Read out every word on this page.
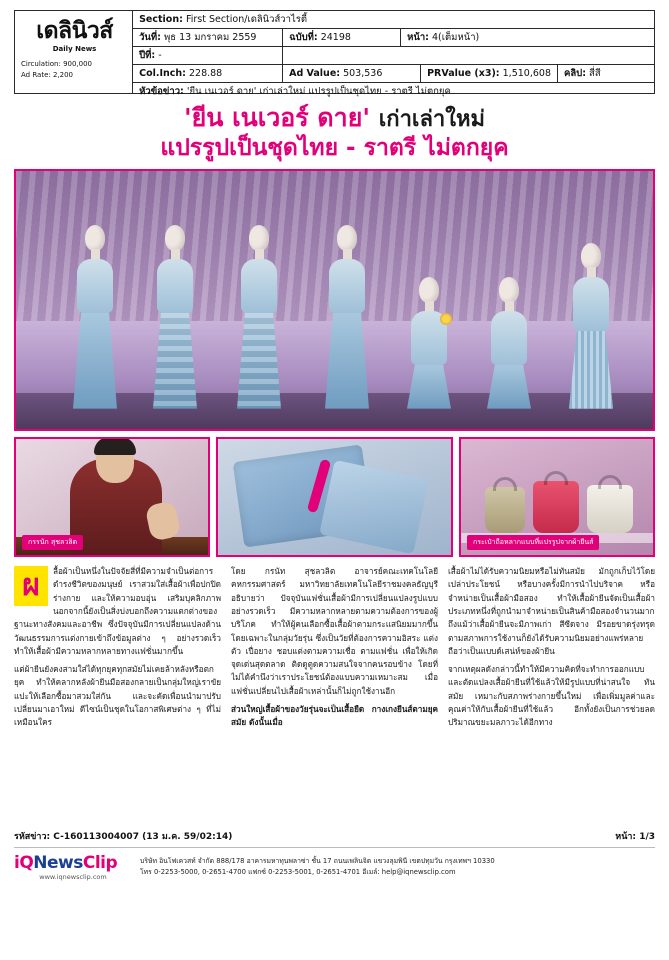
เดลินิวส์
Daily News
Circulation: 900,000
Ad Rate: 2,200
Section: First Section/เดลินิวส์วาไรตี้
วันที่:
พุธ 13 มกราคม 2559	ฉบับที่:
24198	หน้า: 4(เต็มหน้า)
ปีที่:
-
Col.Inch:
228.88	Ad Value:
503,536	PRValue (x3):
1,510,608	คลิป: สี่สี
หัวข้อข่าว: 'ยีน เนเวอร์ ดาย' เก่าเล่าใหม่ แปรรูปเป็นชุดไทย - ราตรี ไม่ตกยุค
'ยีน เนเวอร์ ดาย' เก่าเล่าใหม่
แปรรูปเป็นชุดไทย - ราตรี ไม่ตกยุค
กรรนัก สุชลวลิต	กระเป๋าถือหลากแบบที่แปรรูปจากผ้ายีนส์
ผ	ลื้อผ้าเป็นหนึ่งในปัจจัยสี่ที่มีความจำเป็นต่อการดำรงชีวิตของมนุษย์ เราสวมใส่เสื้อผ้าเพื่อปกปิดร่างกาย และให้ความอบอุ่น เสริมบุคลิกภาพ นอกจากนี้ยังเป็นสิ่งบ่งบอกถึงความแตกต่างของฐานะทางสังคมและอาชีพ ซึ่งปัจจุบันมีการเปลี่ยนแปลงด้านวัฒนธรรมการแต่งกายเข้าถึงข้อมูลต่าง ๆ อย่างรวดเร็ว ทำให้เสื้อผ้ามีความหลากหลายทางแฟชั่นมากขึ้น

แต่ผ้ายีนยังคงสามใส่ได้ทุกยุคทุกสมัยไม่เคยล้าหลังหรือตกยุค ทำให้คลากหลังผ้ายีนมือสองกลายเป็นกลุ่มใหญ่เราขัยแปะให้เลือกซื้อมาสวมใส่กัน และจะคัดเพื่อนนำมาปรับเปลี่ยนมาเอาใหม่ ดีไซน์เป็นชุดในโอกาสพิเศษต่าง ๆ ที่ไม่เหมือนใคร

โดย กรนัท สุชลวลิต อาจารย์คณะเทคโนโลยีคหกรรมศาสตร์ มหาวิทยาลัยเทคโนโลยีราชมงคลธัญบุรี อธิบายว่า ปัจจุบันแฟชั่นเสื้อผ้ามีการเปลี่ยนแปลงรูปแบบอย่างรวดเร็ว มีความหลากหลายตามความต้องการของผู้บริโภค ทำให้ผู้คนเลือกซื้อเสื้อผ้าตามกระแสนิยมมากขึ้น โดยเฉพาะในกลุ่มวัยรุ่น ซึ่งเป็นวัยที่ต้องการความอิสระ แต่งตัว เปื่อยาง ชอบแต่งตามความเชื่อ ตามแฟชั่น เพื่อให้เกิดจุดเด่นสุดตลาด ติดดูตูดความสนใจจากคนรอบข้าง โดยที่ไม่ได้คำนึงว่าเราประโยชน์ต้องแบบความเหมาะสม เมื่อแฟชั่นเปลี่ยนไปเสื้อผ้าเหล่านั้นก็ไม่ถูกใช้งานอีก

ส่วนใหญ่เสื้อผ้าของวัยรุ่นจะเป็นเสื้อยืด กางเกงยีนส์ตามยุคสมัย ดังนั้นเมื่อ

เสื้อผ้าไม่ได้รับความนิยมหรือไม่ทันสมัย มักถูกเก็บไว้โดยเปล่าประโยชน์ หรือบางครั้งมีการนำไปบริจาค หรือจำหน่ายเป็นเสื้อผ้ามือสอง ทำให้เสื้อผ้ายีนจัดเป็นเสื้อผ้าประเภทหนึ่งที่ถูกนำมาจำหน่ายเป็นสินค้ามือสองจำนวนมาก ถึงแม้ว่าเสื้อผ้ายีนจะมีภาพเก่า สีซีดจาง มีรอยขาดรุ่งทรุด ตามสภาพการใช้งานก็ยังได้รับความนิยมอย่างแพร่หลาย ถือว่าเป็นแบบด์เสน่ห์ของผ้ายีน

จากเหตุผลดังกล่าวนี้ทำให้มีความคิดที่จะทำการออกแบบและตัดแปลงเสื้อผ้ายีนที่ใช้แล้วให้มีรูปแบบที่น่าสนใจ ทันสมัย เหมาะกับสภาพร่างกายขึ้นใหม่ เพื่อเพิ่มมูลค่าและคุณค่าให้กับเสื้อผ้ายีนที่ใช้แล้ว อีกทั้งยังเป็นการช่วยลดปริมาณขยะมลภาวะได้อีกทาง

รหัสข่าว: C-160113004007 (13 ม.ค. 59/02:14)	หน้า: 1/3
iQNewsClip
www.iqnewsclip.com
บริษัท อินโฟเควสท์ จำกัด 888/178 อาคารมหาทุนพลาซ่า ชั้น 17 ถนนเพลินจิต แขวงลุมพินี เขตปทุมวัน กรุงเทพฯ 10330
โทร 0-2253-5000, 0-2651-4700 แฟกซ์ 0-2253-5001, 0-2651-4701 อีเมล์: help@iqnewsclip.com
